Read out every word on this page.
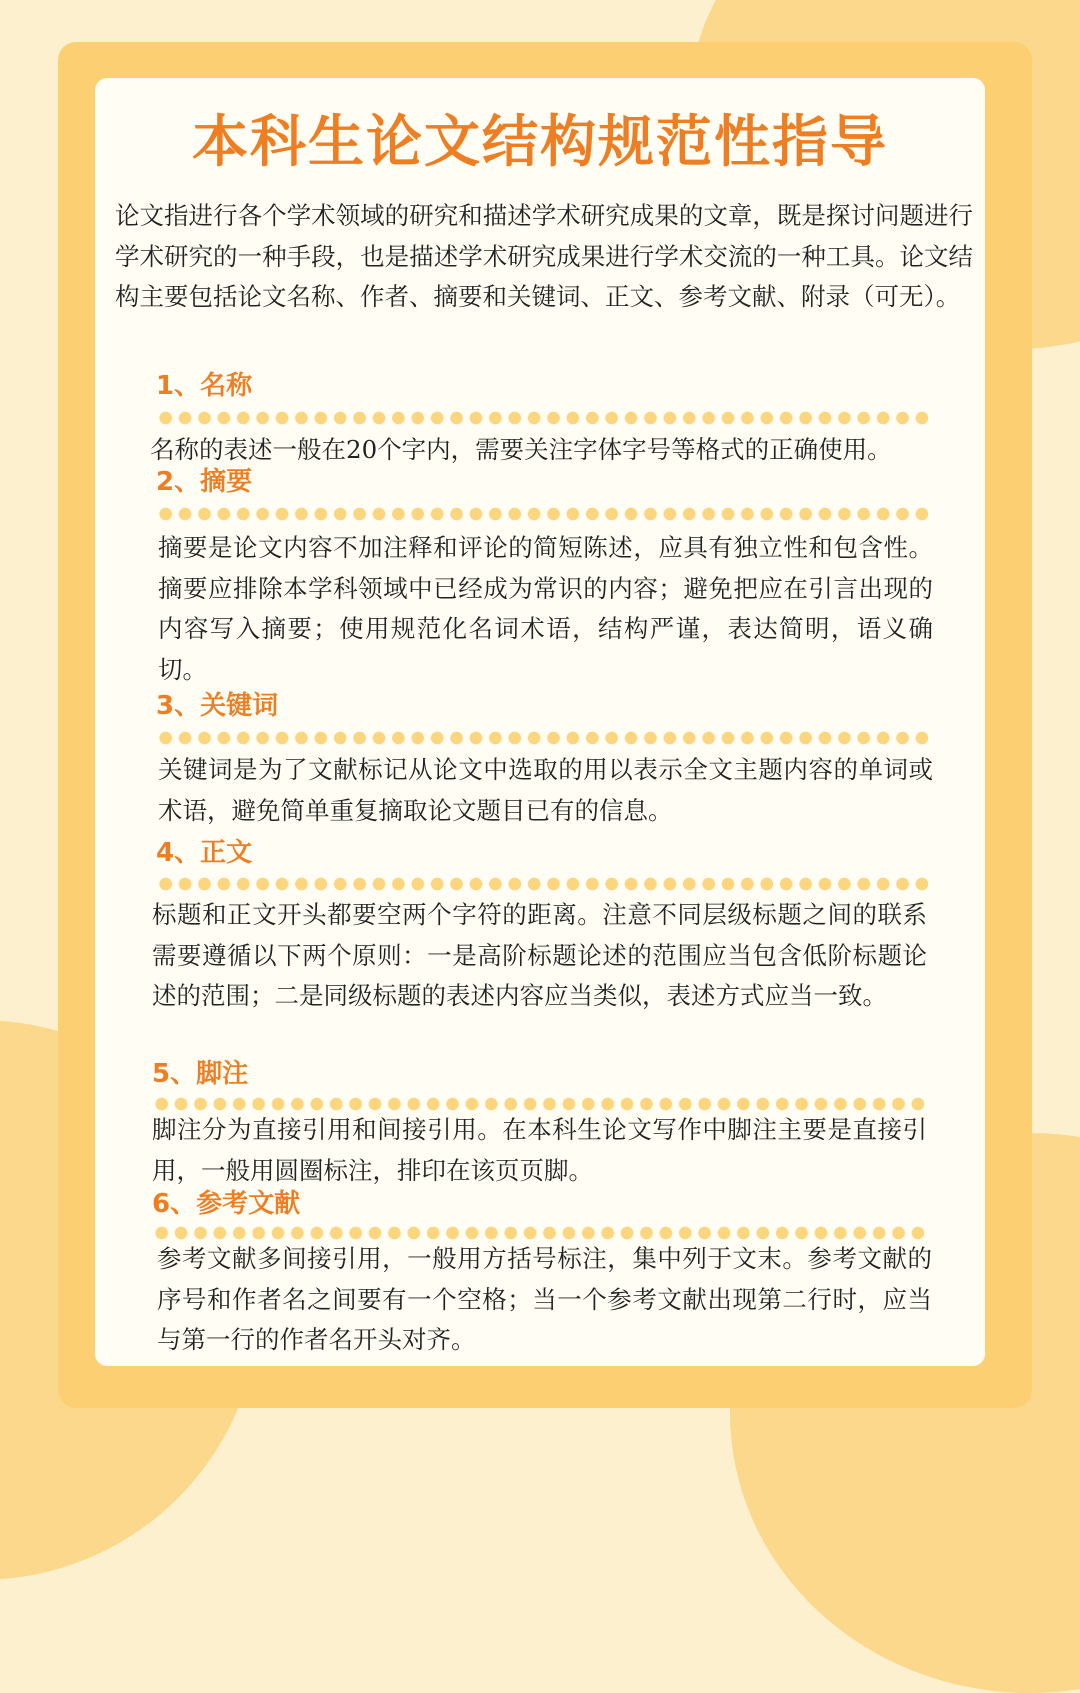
本科生论文结构规范性指导

论文指进行各个学术领域的研究和描述学术研究成果的文章，既是探讨问题进行学术研究的一种手段，也是描述学术研究成果进行学术交流的一种工具。论文结构主要包括论文名称、作者、摘要和关键词、正文、参考文献、附录（可无）。

1、名称

名称的表述一般在20个字内，需要关注字体字号等格式的正确使用。

2、摘要

摘要是论文内容不加注释和评论的简短陈述，应具有独立性和包含性。摘要应排除本学科领域中已经成为常识的内容；避免把应在引言出现的内容写入摘要；使用规范化名词术语，结构严谨，表达简明，语义确切。

3、关键词

关键词是为了文献标记从论文中选取的用以表示全文主题内容的单词或术语，避免简单重复摘取论文题目已有的信息。

4、正文

标题和正文开头都要空两个字符的距离。注意不同层级标题之间的联系需要遵循以下两个原则：一是高阶标题论述的范围应当包含低阶标题论述的范围；二是同级标题的表述内容应当类似，表述方式应当一致。

5、脚注

脚注分为直接引用和间接引用。在本科生论文写作中脚注主要是直接引用，一般用圆圈标注，排印在该页页脚。

6、参考文献

参考文献多间接引用，一般用方括号标注，集中列于文末。参考文献的序号和作者名之间要有一个空格；当一个参考文献出现第二行时，应当与第一行的作者名开头对齐。
